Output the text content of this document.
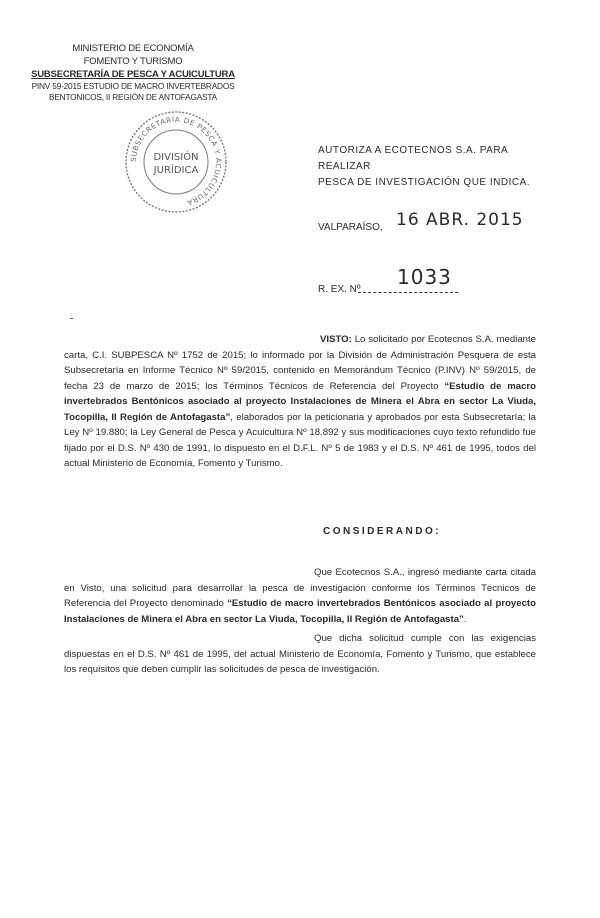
MINISTERIO DE ECONOMÍA
FOMENTO Y TURISMO
SUBSECRETARÍA DE PESCA Y ACUICULTURA
PINV 59-2015 ESTUDIO DE MACRO INVERTEBRADOS
BENTONICOS, II REGIÓN DE ANTOFAGASTA
SUBSECRETARÍA DE PESCA Y ACUICULTURA
DIVISIÓN
JURÍDICA
AUTORIZA A ECOTECNOS S.A. PARA REALIZAR
PESCA DE INVESTIGACIÓN QUE INDICA.
VALPARAÍSO, 16 ABR. 2015
R. EX. Nº
1033
VISTO: Lo solicitado por Ecotecnos S.A. mediante carta, C.I. SUBPESCA Nº 1752 de 2015; lo informado por la División de Administración Pesquera de esta Subsecretaría en Informe Técnico Nº 59/2015, contenido en Memorándum Técnico (P.INV) Nº 59/2015, de fecha 23 de marzo de 2015; los Términos Técnicos de Referencia del Proyecto “Estudio de macro invertebrados Bentónicos asociado al proyecto Instalaciones de Minera el Abra en sector La Viuda, Tocopilla, II Región de Antofagasta”, elaborados por la peticionaria y aprobados por esta Subsecretaría; la Ley Nº 19.880; la Ley General de Pesca y Acuicultura Nº 18.892 y sus modificaciones cuyo texto refundido fue fijado por el D.S. Nº 430 de 1991, lo dispuesto en el D.F.L. Nº 5 de 1983 y el D.S. Nº 461 de 1995, todos del actual Ministerio de Economía, Fomento y Turismo.
CONSIDERANDO:
Que Ecotecnos S.A., ingresó mediante carta citada en Visto, una solicitud para desarrollar la pesca de investigación conforme los Términos Técnicos de Referencia del Proyecto denominado “Estudio de macro invertebrados Bentónicos asociado al proyecto Instalaciones de Minera el Abra en sector La Viuda, Tocopilla, II Región de Antofagasta”.
Que dicha solicitud cumple con las exigencias dispuestas en el D.S. Nº 461 de 1995, del actual Ministerio de Economía, Fomento y Turismo, que establece los requisitos que deben cumplir las solicitudes de pesca de investigación.
